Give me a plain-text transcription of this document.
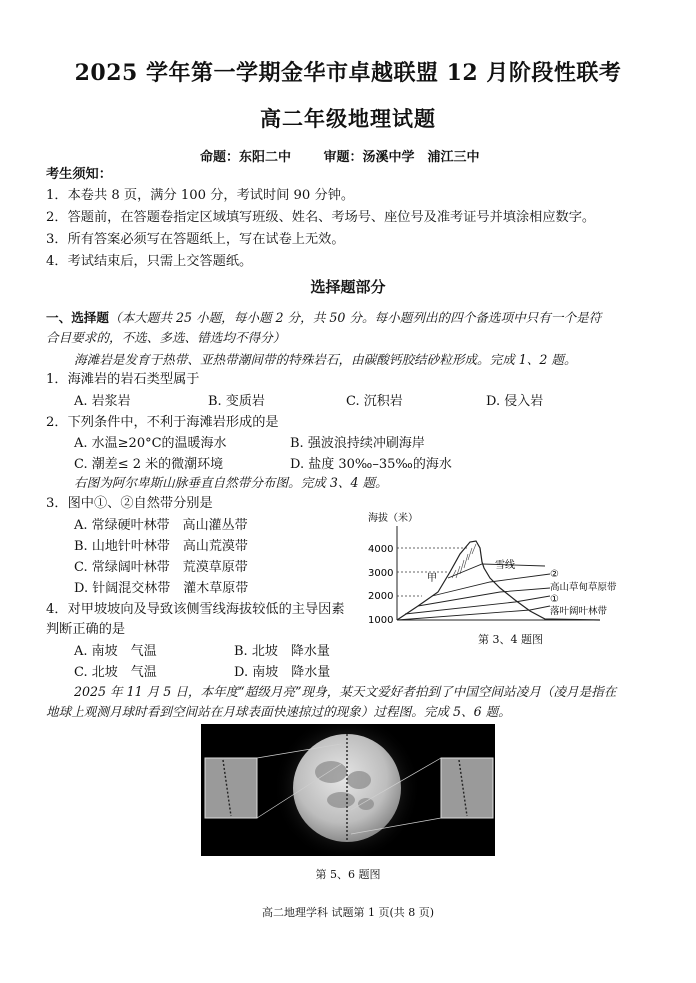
2025 学年第一学期金华市卓越联盟 12 月阶段性联考
高二年级地理试题
命题：东阳二中	审题：汤溪中学　浦江三中
考生须知：
1．本卷共 8 页，满分 100 分，考试时间 90 分钟。
2．答题前，在答题卷指定区域填写班级、姓名、考场号、座位号及准考证号并填涂相应数字。
3．所有答案必须写在答题纸上，写在试卷上无效。
4．考试结束后，只需上交答题纸。
选择题部分
一、选择题（本大题共 25 小题，每小题 2 分，共 50 分。每小题列出的四个备选项中只有一个是符
合目要求的，不选、多选、错选均不得分）
海滩岩是发育于热带、亚热带潮间带的特殊岩石，由碳酸钙胶结砂粒形成。完成 1、2 题。
1．海滩岩的岩石类型属于
A. 岩浆岩	B. 变质岩	C. 沉积岩	D. 侵入岩
2．下列条件中，不利于海滩岩形成的是
A. 水温≥20°C的温暖海水	B. 强波浪持续冲刷海岸
C. 潮差≤ 2 米的微潮环境	D. 盐度 30‰–35‰的海水
右图为阿尔卑斯山脉垂直自然带分布图。完成 3、4 题。
3．图中①、②自然带分别是
A. 常绿硬叶林带　高山灌丛带
B. 山地针叶林带　高山荒漠带
C. 常绿阔叶林带　荒漠草原带
D. 针阔混交林带　灌木草原带
4．对甲坡坡向及导致该侧雪线海拔较低的主导因素
判断正确的是
A. 南坡　气温	B. 北坡　降水量
C. 北坡　气温	D. 南坡　降水量
海拔（米）
4000
3000
2000
1000
雪线
甲	②
高山草甸草原带
①
落叶阔叶林带
第 3、4 题图
2025 年 11 月 5 日，本年度“超级月亮”现身，某天文爱好者拍到了中国空间站凌月（凌月是指在
地球上观测月球时看到空间站在月球表面快速掠过的现象）过程图。完成 5、6 题。
第 5、6 题图
高二地理学科 试题第 1 页(共 8 页)
